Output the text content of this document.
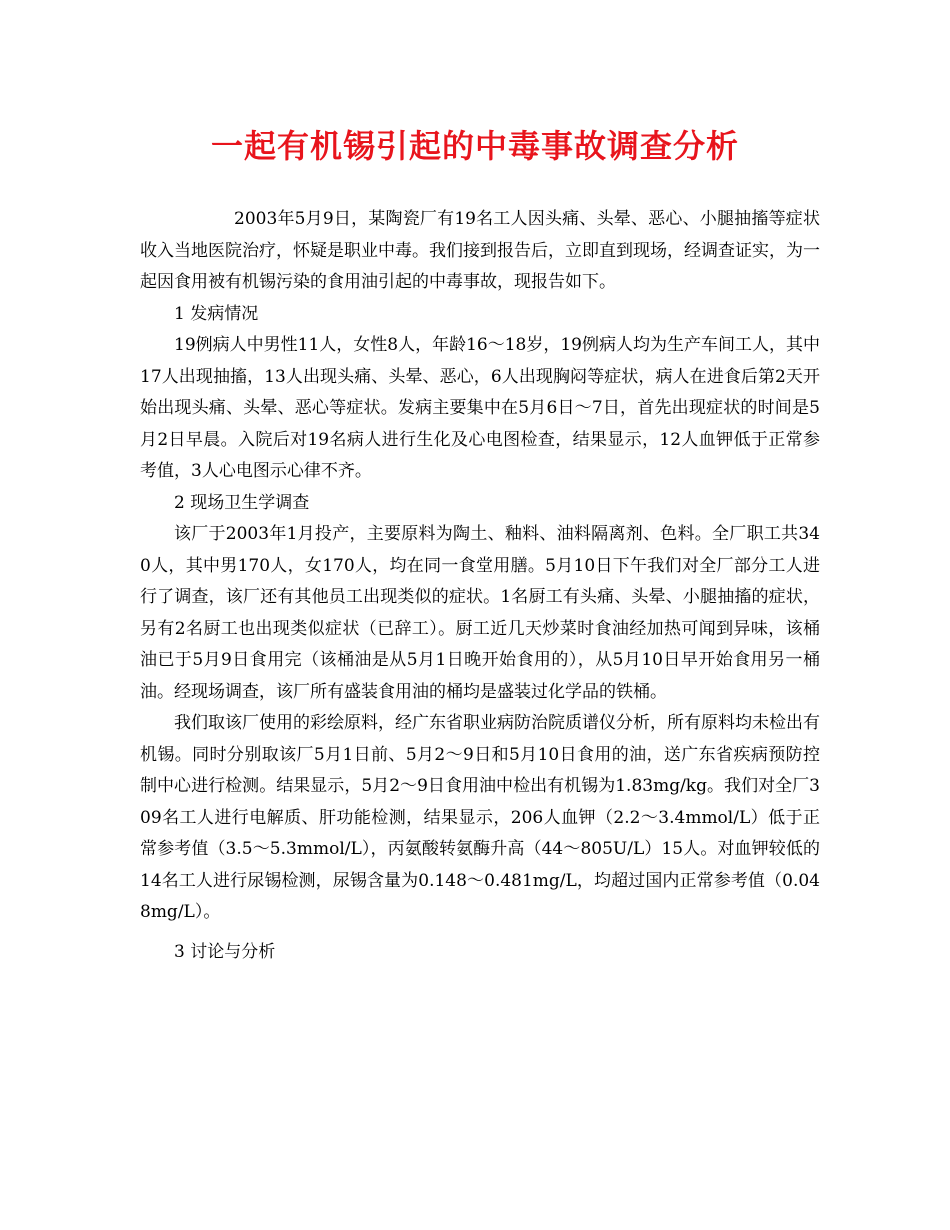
一起有机锡引起的中毒事故调查分析

2003年5月9日，某陶瓷厂有19名工人因头痛、头晕、恶心、小腿抽搐等症状收入当地医院治疗，怀疑是职业中毒。我们接到报告后，立即直到现场，经调查证实，为一起因食用被有机锡污染的食用油引起的中毒事故，现报告如下。

1 发病情况

19例病人中男性11人，女性8人，年龄16～18岁，19例病人均为生产车间工人，其中17人出现抽搐，13人出现头痛、头晕、恶心，6人出现胸闷等症状，病人在进食后第2天开始出现头痛、头晕、恶心等症状。发病主要集中在5月6日～7日，首先出现症状的时间是5月2日早晨。入院后对19名病人进行生化及心电图检查，结果显示，12人血钾低于正常参考值，3人心电图示心律不齐。

2 现场卫生学调查

该厂于2003年1月投产，主要原料为陶土、釉料、油料隔离剂、色料。全厂职工共340人，其中男170人，女170人，均在同一食堂用膳。5月10日下午我们对全厂部分工人进行了调查，该厂还有其他员工出现类似的症状。1名厨工有头痛、头晕、小腿抽搐的症状，另有2名厨工也出现类似症状（已辞工）。厨工近几天炒菜时食油经加热可闻到异味，该桶油已于5月9日食用完（该桶油是从5月1日晚开始食用的），从5月10日早开始食用另一桶油。经现场调查，该厂所有盛装食用油的桶均是盛装过化学品的铁桶。

我们取该厂使用的彩绘原料，经广东省职业病防治院质谱仪分析，所有原料均未检出有机锡。同时分别取该厂5月1日前、5月2～9日和5月10日食用的油，送广东省疾病预防控制中心进行检测。结果显示，5月2～9日食用油中检出有机锡为1.83mg/kg。我们对全厂309名工人进行电解质、肝功能检测，结果显示，206人血钾（2.2～3.4mmol/L）低于正常参考值（3.5～5.3mmol/L），丙氨酸转氨酶升高（44～805U/L）15人。对血钾较低的14名工人进行尿锡检测，尿锡含量为0.148～0.481mg/L，均超过国内正常参考值（0.048mg/L）。

3 讨论与分析
